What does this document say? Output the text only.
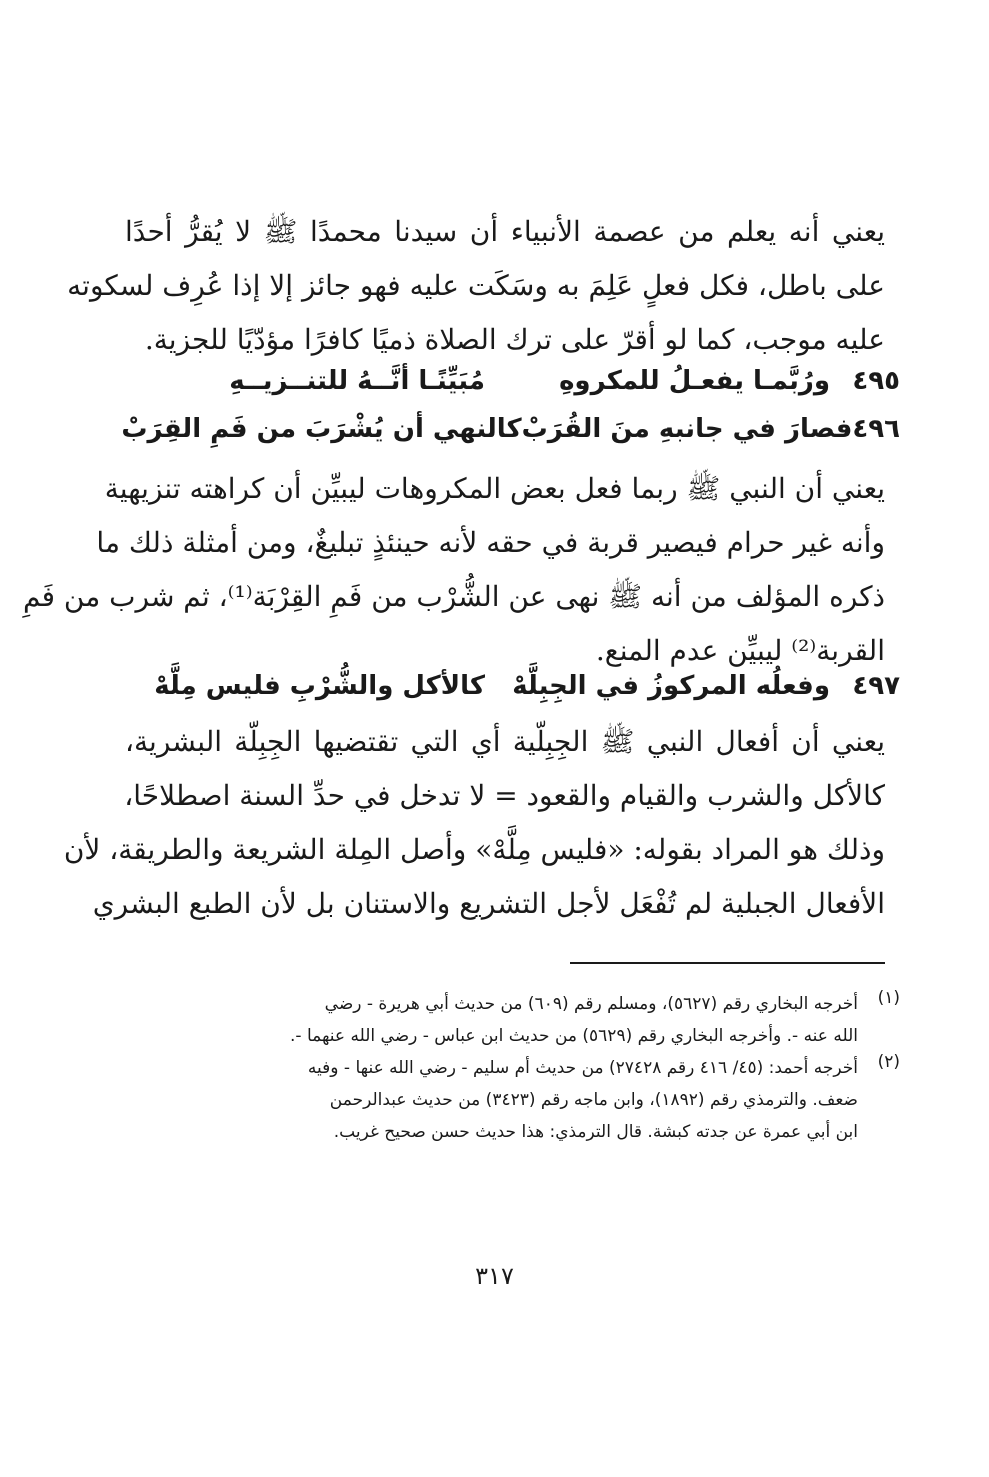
يعني أنه يعلم من عصمة الأنبياء أن سيدنا محمدًا ﷺ لا يُقرُّ أحدًا
على باطل، فكل فعلٍ عَلِمَ به وسَكَت عليه فهو جائز إلا إذا عُرِف لسكوته
عليه موجب، كما لو أقرّ على ترك الصلاة ذميًا كافرًا مؤدّيًا للجزية.
٤٩٥
ورُبَّمـا يفعـلُ للمكروهِ
مُبَيِّنًـا أنَّــهُ للتنــزيــهِ
٤٩٦
فصارَ في جانبهِ منَ القُرَبْ
كالنهي أن يُشْرَبَ من فَمِ القِرَبْ
يعني أن النبي ﷺ ربما فعل بعض المكروهات ليبيِّن أن كراهته تنزيهية
وأنه غير حرام فيصير قربة في حقه لأنه حينئذٍ تبليغٌ، ومن أمثلة ذلك ما
ذكره المؤلف من أنه ﷺ نهى عن الشُّرْب من فَمِ القِرْبَة⁽¹⁾، ثم شرب من فَمِ
القربة⁽²⁾ ليبيِّن عدم المنع.
٤٩٧
وفعلُه المركوزُ في الجِبِلَّهْ
كالأكل والشُّرْبِ فليس مِلَّهْ
يعني أن أفعال النبي ﷺ الجِبِلّية أي التي تقتضيها الجِبِلّة البشرية،
كالأكل والشرب والقيام والقعود = لا تدخل في حدِّ السنة اصطلاحًا،
وذلك هو المراد بقوله: «فليس مِلَّهْ» وأصل المِلة الشريعة والطريقة، لأن
الأفعال الجبلية لم تُفْعَل لأجل التشريع والاستنان بل لأن الطبع البشري
(١)
أخرجه البخاري رقم (٥٦٢٧)، ومسلم رقم (٦٠٩) من حديث أبي هريرة - رضي
الله عنه -. وأخرجه البخاري رقم (٥٦٢٩) من حديث ابن عباس - رضي الله عنهما -.
(٢)
أخرجه أحمد: (٤٥/ ٤١٦ رقم ٢٧٤٢٨) من حديث أم سليم - رضي الله عنها - وفيه
ضعف. والترمذي رقم (١٨٩٢)، وابن ماجه رقم (٣٤٢٣) من حديث عبدالرحمن
ابن أبي عمرة عن جدته كبشة. قال الترمذي: هذا حديث حسن صحيح غريب.
٣١٧
